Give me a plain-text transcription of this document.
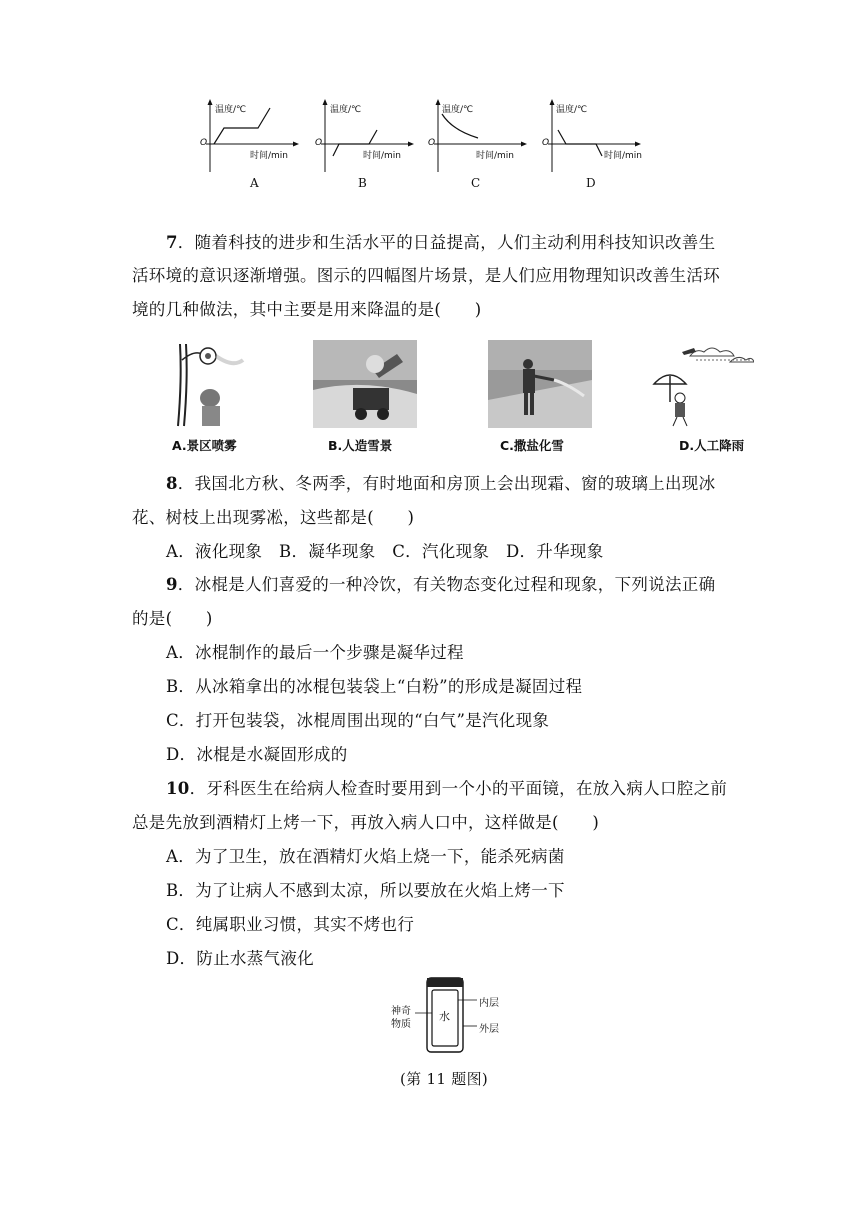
温度/℃
时间/min
O
A
温度/℃
时间/min
O
B
温度/℃
时间/min
O
C
温度/℃
时间/min
O
D
7．随着科技的进步和生活水平的日益提高，人们主动利用科技知识改善生
活环境的意识逐渐增强。图示的四幅图片场景，是人们应用物理知识改善生活环
境的几种做法，其中主要是用来降温的是(　　)
A.景区喷雾	B.人造雪景	C.撒盐化雪	D.人工降雨
8．我国北方秋、冬两季，有时地面和房顶上会出现霜、窗的玻璃上出现冰
花、树枝上出现雾凇，这些都是(　　)
A．液化现象　B．凝华现象　C．汽化现象　D．升华现象
9．冰棍是人们喜爱的一种冷饮，有关物态变化过程和现象，下列说法正确
的是(　　)
A．冰棍制作的最后一个步骤是凝华过程
B．从冰箱拿出的冰棍包装袋上“白粉”的形成是凝固过程
C．打开包装袋，冰棍周围出现的“白气”是汽化现象
D．冰棍是水凝固形成的
10．牙科医生在给病人检查时要用到一个小的平面镜，在放入病人口腔之前
总是先放到酒精灯上烤一下，再放入病人口中，这样做是(　　)
A．为了卫生，放在酒精灯火焰上烧一下，能杀死病菌
B．为了让病人不感到太凉，所以要放在火焰上烤一下
C．纯属职业习惯，其实不烤也行
D．防止水蒸气液化
神奇
物质
水
内层
外层
(第 11 题图)
